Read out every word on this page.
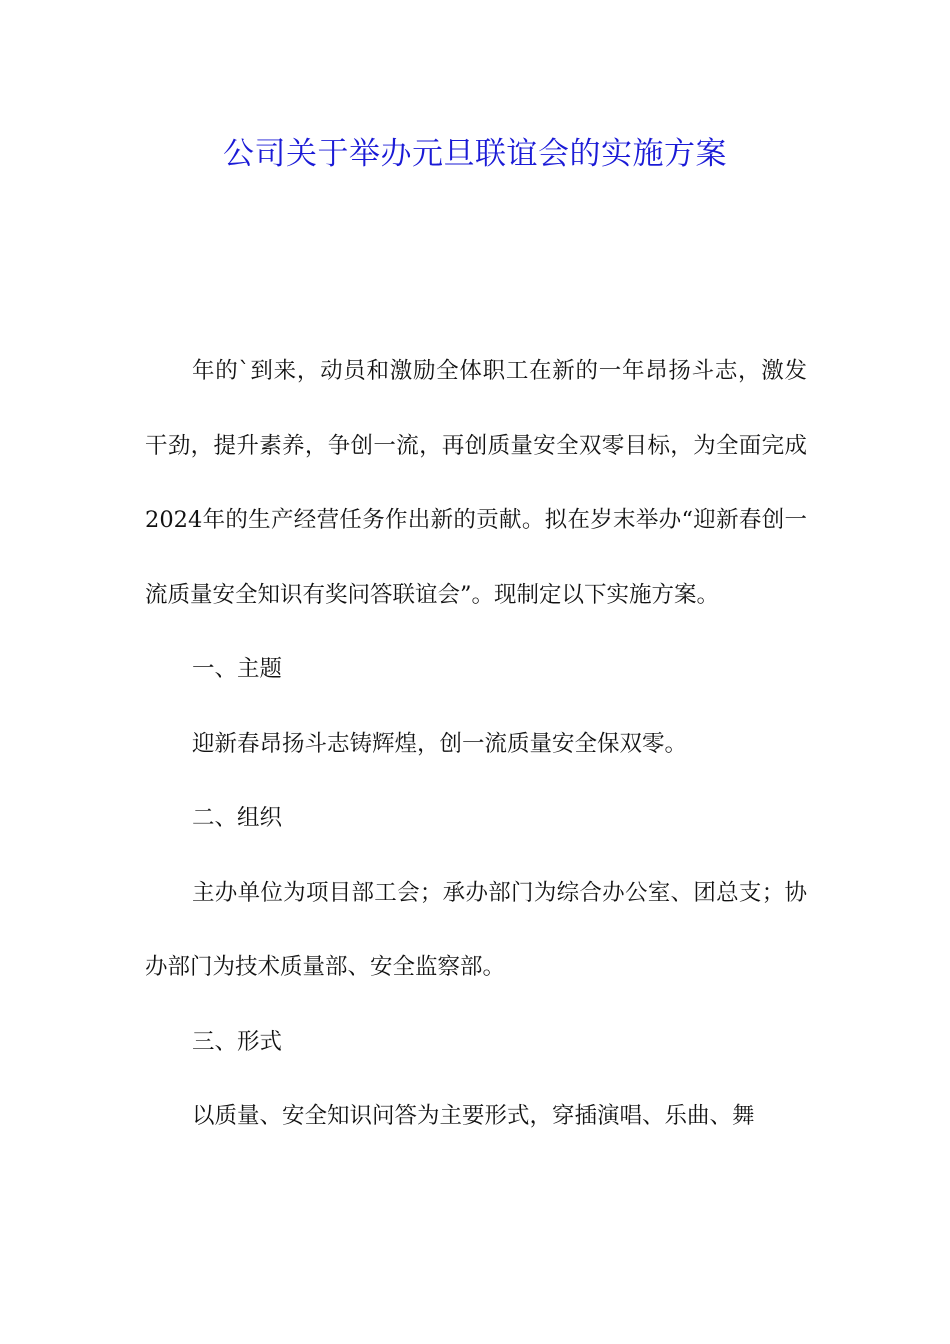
公司关于举办元旦联谊会的实施方案

年的`到来，动员和激励全体职工在新的一年昂扬斗志，激发干劲，提升素养，争创一流，再创质量安全双零目标，为全面完成2024年的生产经营任务作出新的贡献。拟在岁末举办“迎新春创一流质量安全知识有奖问答联谊会”。现制定以下实施方案。

一、主题

迎新春昂扬斗志铸辉煌，创一流质量安全保双零。

二、组织

主办单位为项目部工会；承办部门为综合办公室、团总支；协办部门为技术质量部、安全监察部。

三、形式

以质量、安全知识问答为主要形式，穿插演唱、乐曲、舞
